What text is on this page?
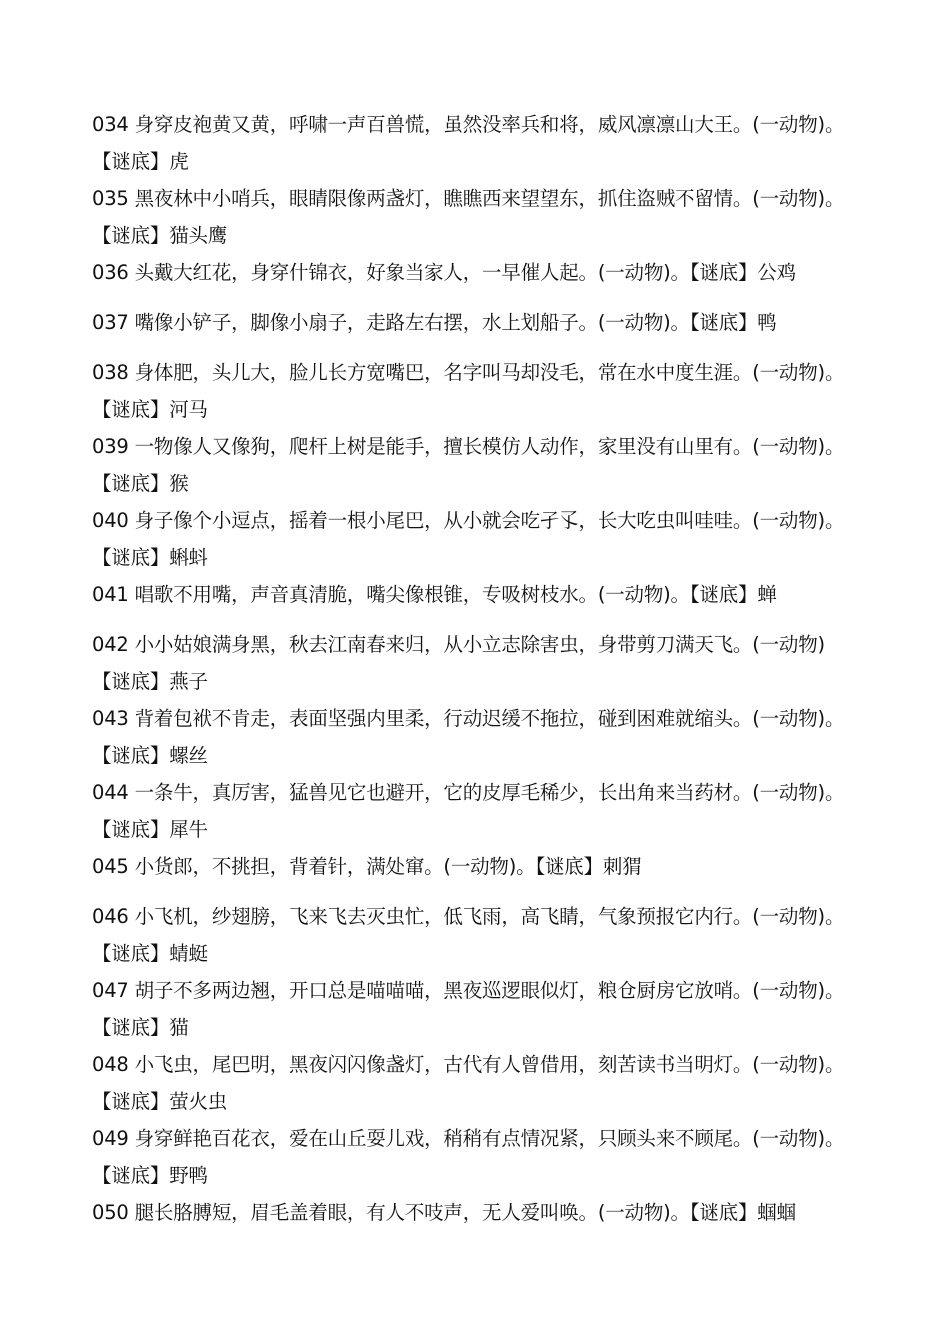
034 身穿皮袍黄又黄，呼啸一声百兽慌，虽然没率兵和将，威风凛凛山大王。(一动物)。
【谜底】虎
035 黑夜林中小哨兵，眼睛限像两盏灯，瞧瞧西来望望东，抓住盗贼不留情。(一动物)。
【谜底】猫头鹰
036 头戴大红花，身穿什锦衣，好象当家人，一早催人起。(一动物)。【谜底】公鸡
037 嘴像小铲子，脚像小扇子，走路左右摆，水上划船子。(一动物)。【谜底】鸭
038 身体肥，头儿大，脸儿长方宽嘴巴，名字叫马却没毛，常在水中度生涯。(一动物)。
【谜底】河马
039 一物像人又像狗，爬杆上树是能手，擅长模仿人动作，家里没有山里有。(一动物)。
【谜底】猴
040 身子像个小逗点，摇着一根小尾巴，从小就会吃孑孓，长大吃虫叫哇哇。(一动物)。
【谜底】蝌蚪
041 唱歌不用嘴，声音真清脆，嘴尖像根锥，专吸树枝水。(一动物)。【谜底】蝉
042 小小姑娘满身黑，秋去江南春来归，从小立志除害虫，身带剪刀满天飞。(一动物)
【谜底】燕子
043 背着包袱不肯走，表面坚强内里柔，行动迟缓不拖拉，碰到困难就缩头。(一动物)。
【谜底】螺丝
044 一条牛，真厉害，猛兽见它也避开，它的皮厚毛稀少，长出角来当药材。(一动物)。
【谜底】犀牛
045 小货郎，不挑担，背着针，满处窜。(一动物)。【谜底】刺猬
046 小飞机，纱翅膀，飞来飞去灭虫忙，低飞雨，高飞睛，气象预报它内行。(一动物)。
【谜底】蜻蜓
047 胡子不多两边翘，开口总是喵喵喵，黑夜巡逻眼似灯，粮仓厨房它放哨。(一动物)。
【谜底】猫
048 小飞虫，尾巴明，黑夜闪闪像盏灯，古代有人曾借用，刻苦读书当明灯。(一动物)。
【谜底】萤火虫
049 身穿鲜艳百花衣，爱在山丘耍儿戏，稍稍有点情况紧，只顾头来不顾尾。(一动物)。
【谜底】野鸭
050 腿长胳膊短，眉毛盖着眼，有人不吱声，无人爱叫唤。(一动物)。【谜底】蝈蝈
